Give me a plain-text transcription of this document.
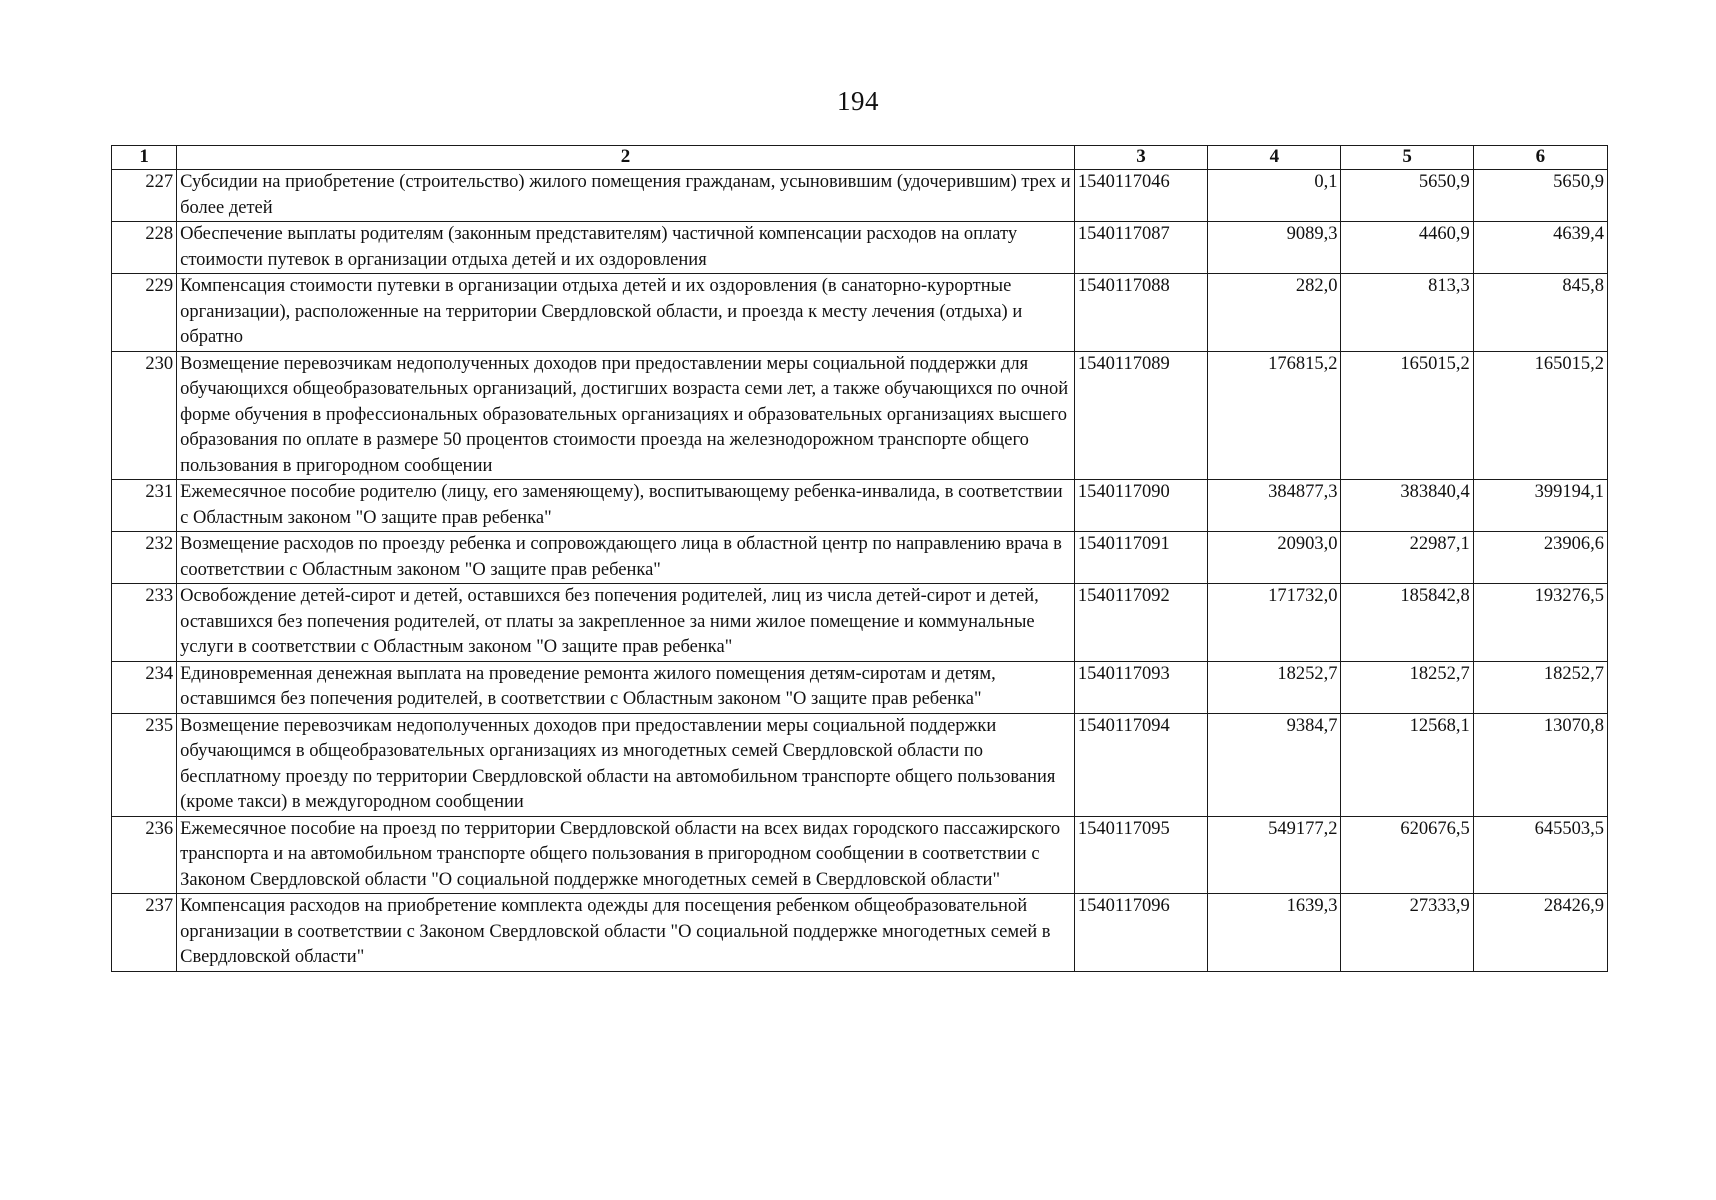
194
1	2	3	4	5	6
227	Субсидии на приобретение (строительство) жилого помещения гражданам, усыновившим (удочерившим) трех и более детей	1540117046	0,1	5650,9	5650,9
228	Обеспечение выплаты родителям (законным представителям) частичной компенсации расходов на оплату стоимости путевок в организации отдыха детей и их оздоровления	1540117087	9089,3	4460,9	4639,4
229	Компенсация стоимости путевки в организации отдыха детей и их оздоровления (в санаторно-курортные организации), расположенные на территории Свердловской области, и проезда к месту лечения (отдыха) и обратно	1540117088	282,0	813,3	845,8
230	Возмещение перевозчикам недополученных доходов при предоставлении меры социальной поддержки для обучающихся общеобразовательных организаций, достигших возраста семи лет, а также обучающихся по очной форме обучения в профессиональных образовательных организациях и образовательных организациях высшего образования по оплате в размере 50 процентов стоимости проезда на железнодорожном транспорте общего пользования в пригородном сообщении	1540117089	176815,2	165015,2	165015,2
231	Ежемесячное пособие родителю (лицу, его заменяющему), воспитывающему ребенка-инвалида, в соответствии с Областным законом "О защите прав ребенка"	1540117090	384877,3	383840,4	399194,1
232	Возмещение расходов по проезду ребенка и сопровождающего лица в областной центр по направлению врача в соответствии с Областным законом "О защите прав ребенка"	1540117091	20903,0	22987,1	23906,6
233	Освобождение детей-сирот и детей, оставшихся без попечения родителей, лиц из числа детей-сирот и детей, оставшихся без попечения родителей, от платы за закрепленное за ними жилое помещение и коммунальные услуги в соответствии с Областным законом "О защите прав ребенка"	1540117092	171732,0	185842,8	193276,5
234	Единовременная денежная выплата на проведение ремонта жилого помещения детям-сиротам и детям, оставшимся без попечения родителей, в соответствии с Областным законом "О защите прав ребенка"	1540117093	18252,7	18252,7	18252,7
235	Возмещение перевозчикам недополученных доходов при предоставлении меры социальной поддержки обучающимся в общеобразовательных организациях из многодетных семей Свердловской области по бесплатному проезду по территории Свердловской области на автомобильном транспорте общего пользования (кроме такси) в междугородном сообщении	1540117094	9384,7	12568,1	13070,8
236	Ежемесячное пособие на проезд по территории Свердловской области на всех видах городского пассажирского транспорта и на автомобильном транспорте общего пользования в пригородном сообщении в соответствии с Законом Свердловской области "О социальной поддержке многодетных семей в Свердловской области"	1540117095	549177,2	620676,5	645503,5
237	Компенсация расходов на приобретение комплекта одежды для посещения ребенком общеобразовательной организации в соответствии с Законом Свердловской области "О социальной поддержке многодетных семей в Свердловской области"	1540117096	1639,3	27333,9	28426,9
